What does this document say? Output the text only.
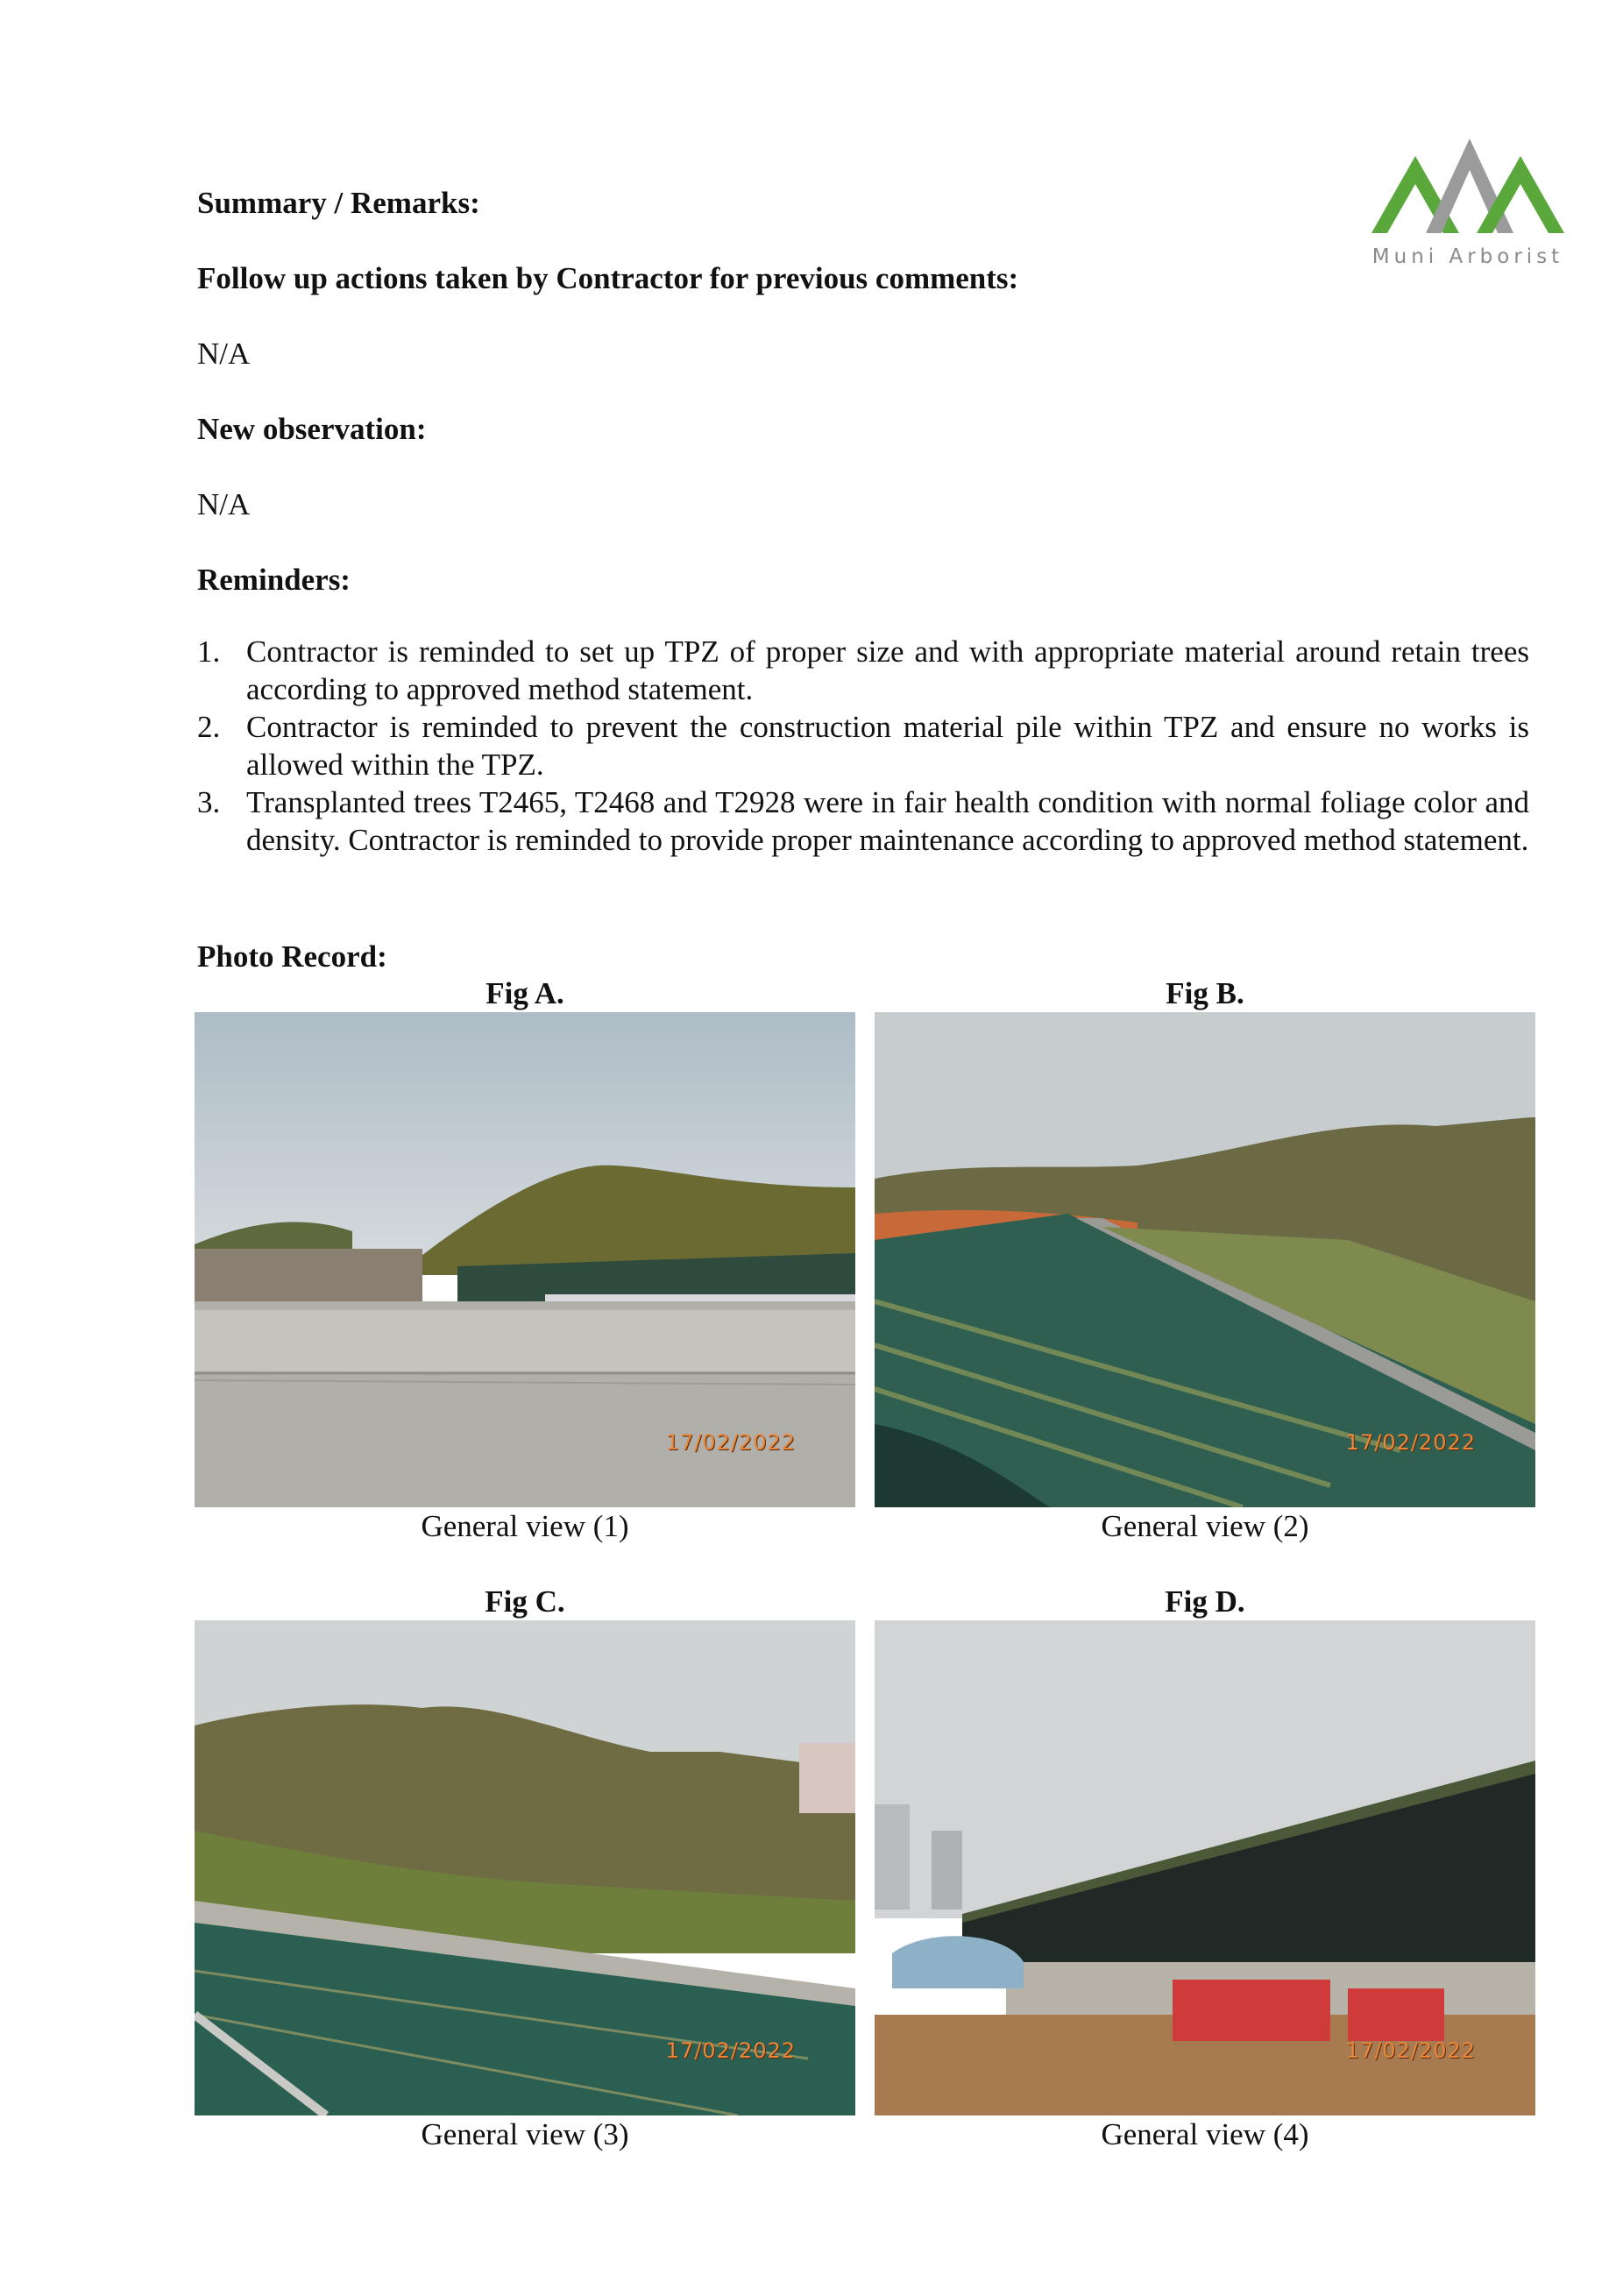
Muni Arborist
Summary / Remarks:
Follow up actions taken by Contractor for previous comments:
N/A
New observation:
N/A
Reminders:
1. Contractor is reminded to set up TPZ of proper size and with appropriate material around retain trees according to approved method statement.
2. Contractor is reminded to prevent the construction material pile within TPZ and ensure no works is allowed within the TPZ.
3. Transplanted trees T2465, T2468 and T2928 were in fair health condition with normal foliage color and density. Contractor is reminded to provide proper maintenance according to approved method statement.
Photo Record:
Fig A.
17/02/2022
General view (1)
Fig B.
17/02/2022
General view (2)
Fig C.
17/02/2022
General view (3)
Fig D.
17/02/2022
General view (4)
